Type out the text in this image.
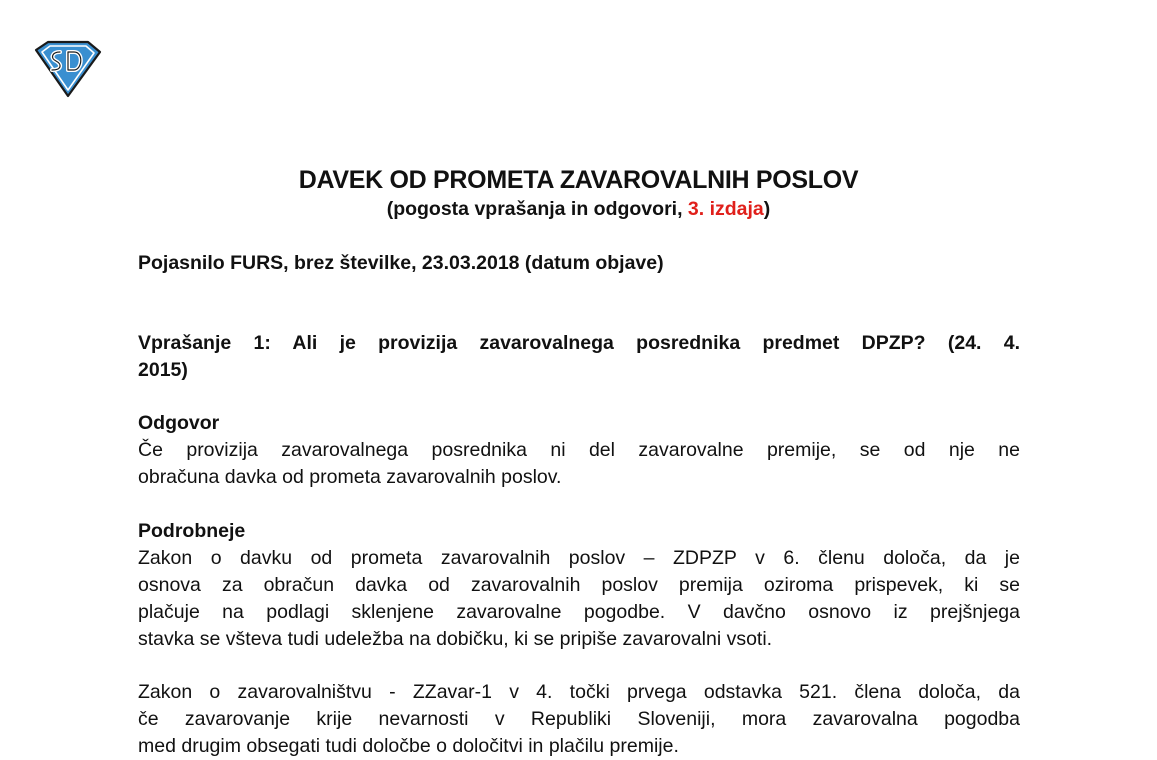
DAVEK OD PROMETA ZAVAROVALNIH POSLOV
(pogosta vprašanja in odgovori, 3. izdaja)
Pojasnilo FURS, brez številke, 23.03.2018 (datum objave)
Vprašanje 1: Ali je provizija zavarovalnega posrednika predmet DPZP? (24. 4.
2015)
Odgovor
Če provizija zavarovalnega posrednika ni del zavarovalne premije, se od nje ne
obračuna davka od prometa zavarovalnih poslov.
Podrobneje
Zakon o davku od prometa zavarovalnih poslov – ZDPZP v 6. členu določa, da je
osnova za obračun davka od zavarovalnih poslov premija oziroma prispevek, ki se
plačuje na podlagi sklenjene zavarovalne pogodbe. V davčno osnovo iz prejšnjega
stavka se všteva tudi udeležba na dobičku, ki se pripiše zavarovalni vsoti.
Zakon o zavarovalništvu - ZZavar-1 v 4. točki prvega odstavka 521. člena določa, da
če zavarovanje krije nevarnosti v Republiki Sloveniji, mora zavarovalna pogodba
med drugim obsegati tudi določbe o določitvi in plačilu premije.
